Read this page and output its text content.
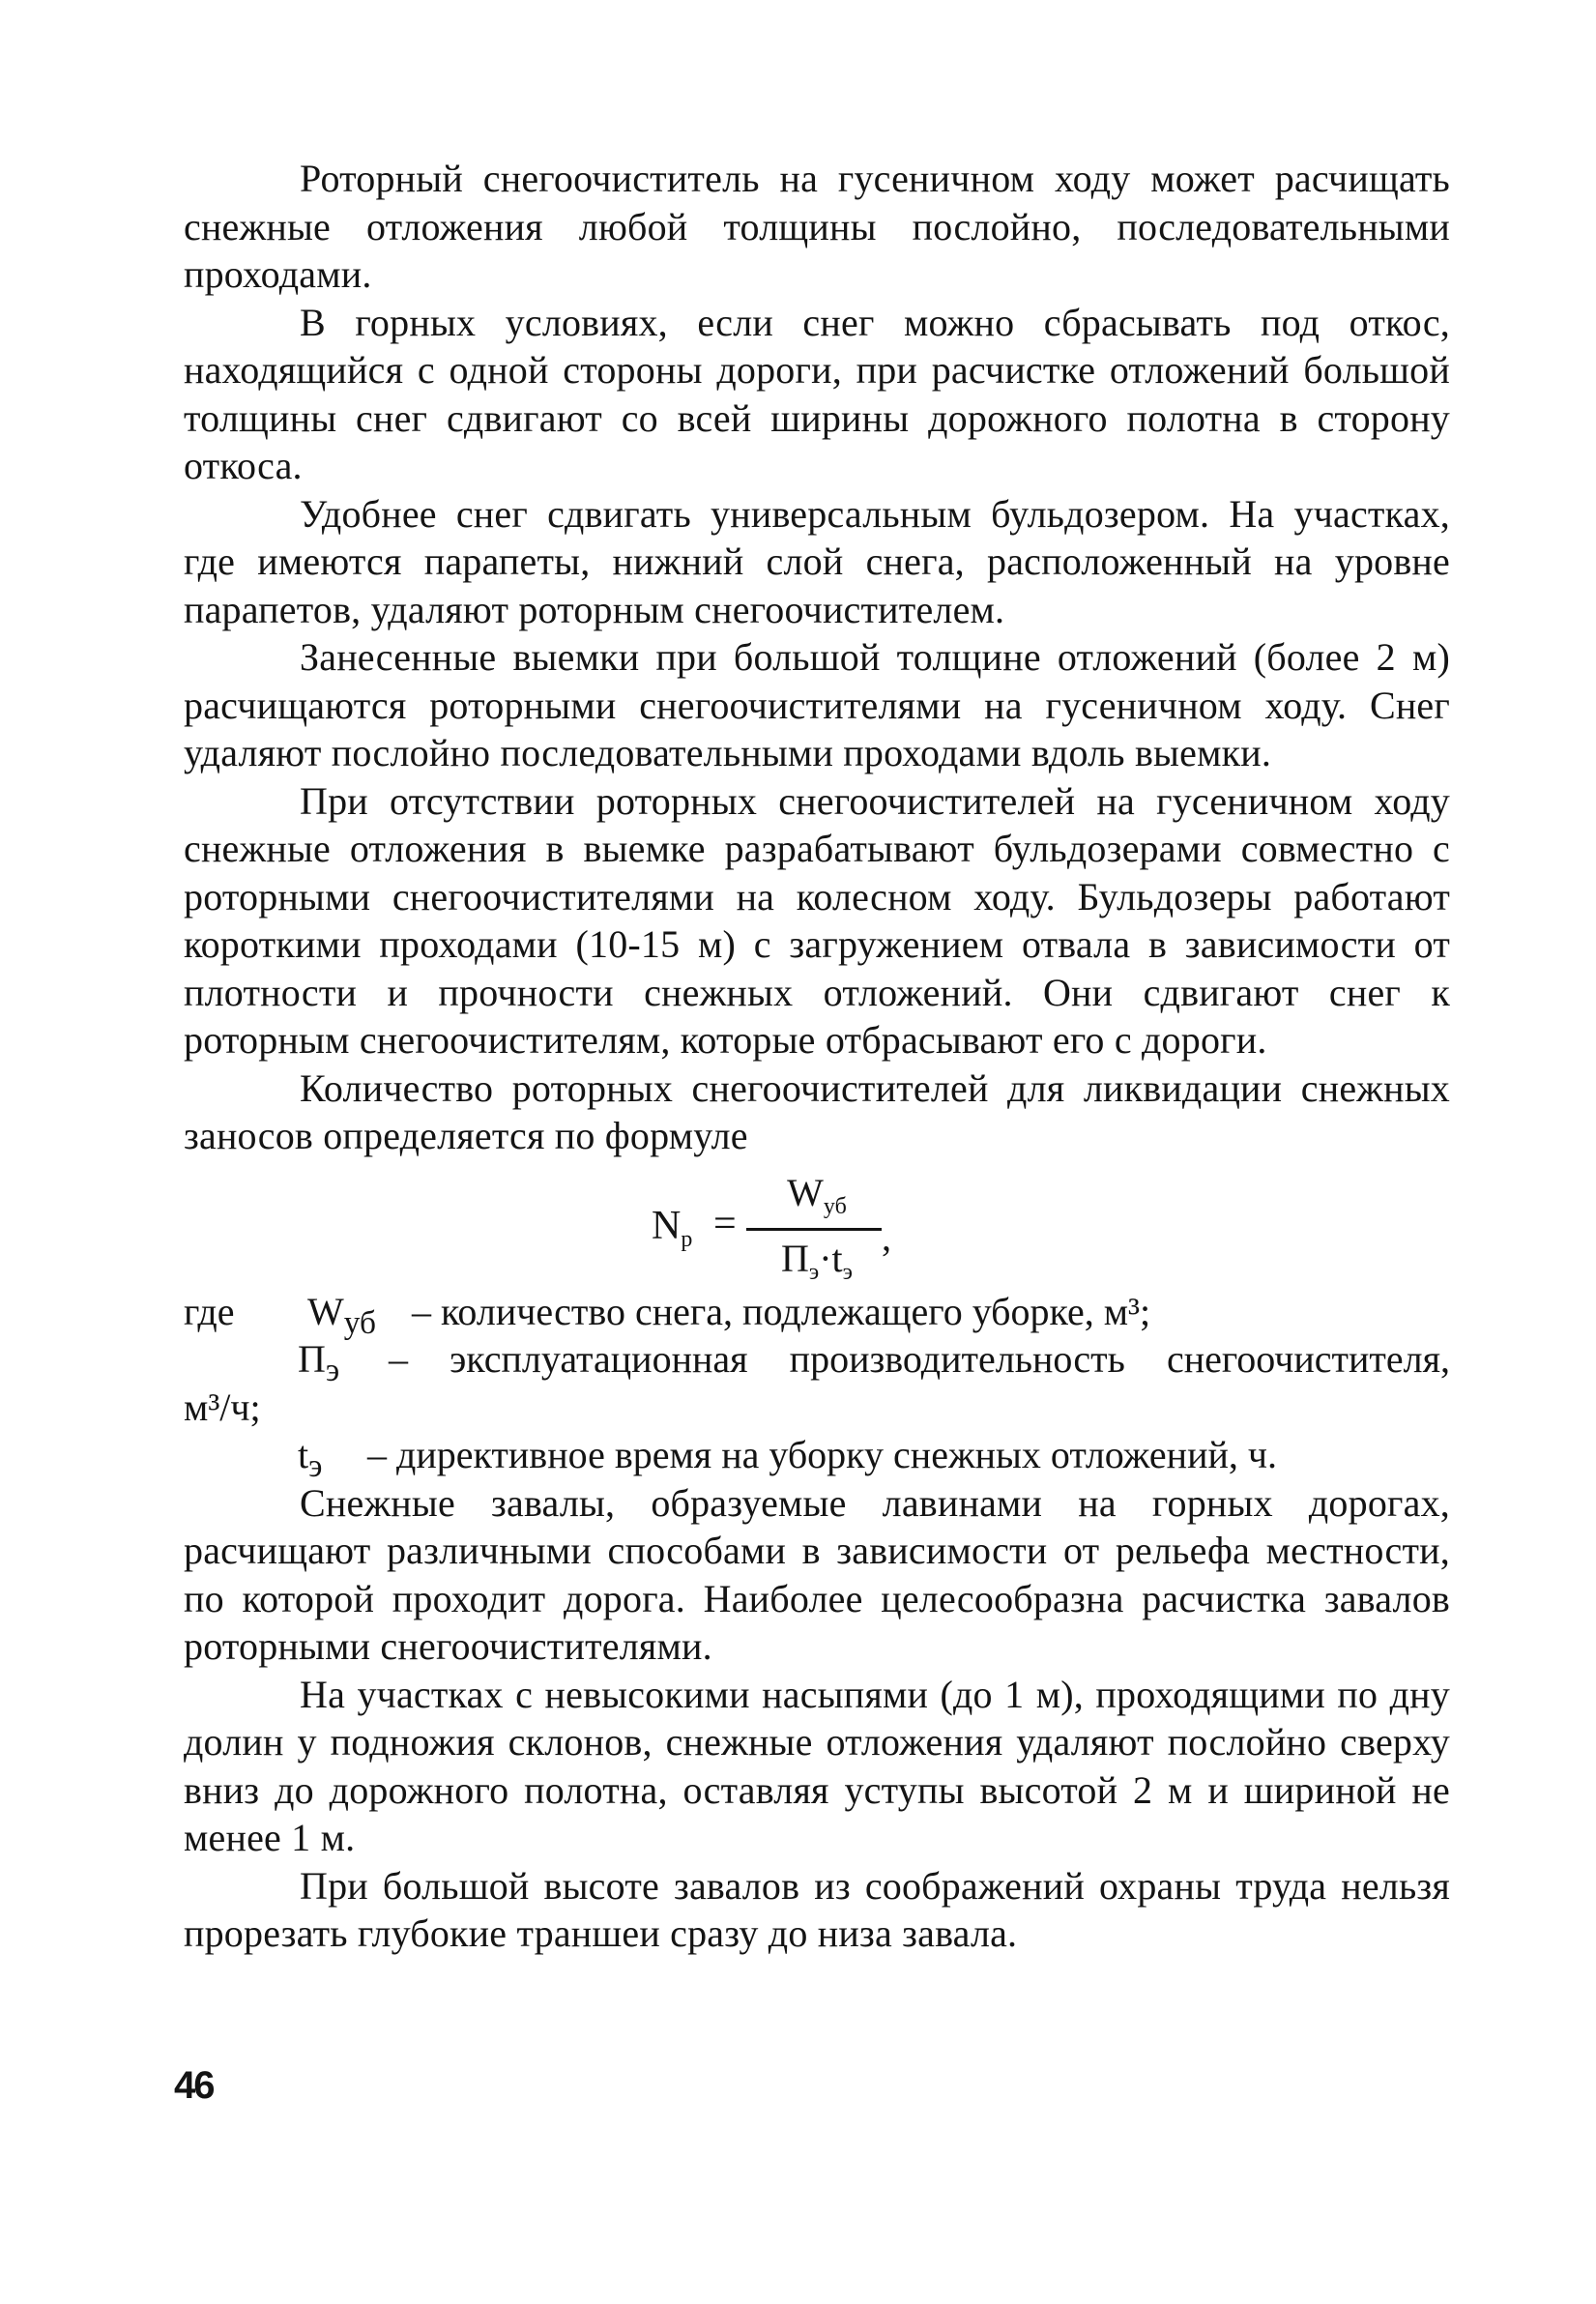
Роторный снегоочиститель на гусеничном ходу может расчищать снежные отложения любой толщины послойно, последовательными проходами.

В горных условиях, если снег можно сбрасывать под откос, находящийся с одной стороны дороги, при расчистке отложений большой толщины снег сдвигают со всей ширины дорожного полотна в сторону откоса.

Удобнее снег сдвигать универсальным бульдозером. На участках, где имеются парапеты, нижний слой снега, расположенный на уровне парапетов, удаляют роторным снегоочистителем.

Занесенные выемки при большой толщине отложений (более 2 м) расчищаются роторными снегоочистителями на гусеничном ходу. Снег удаляют послойно последовательными проходами вдоль выемки.

При отсутствии роторных снегоочистителей на гусеничном ходу снежные отложения в выемке разрабатывают бульдозерами совместно с роторными снегоочистителями на колесном ходу. Бульдозеры работают короткими проходами (10-15 м) с загружением отвала в зависимости от плотности и прочности снежных отложений. Они сдвигают снег к роторным снегоочистителям, которые отбрасывают его с дороги.

Количество роторных снегоочистителей для ликвидации снежных заносов определяется по формуле

$N_р$ =
$W_{уб}$
$П_э\cdot t_э$
,
где $W_{уб}$ – количество снега, подлежащего уборке, м³;
$П_э$ – эксплуатационная производительность снегоочистителя,
м³/ч;
$t_э$ – директивное время на уборку снежных отложений, ч.

Снежные завалы, образуемые лавинами на горных дорогах, расчищают различными способами в зависимости от рельефа местности, по которой проходит дорога. Наиболее целесообразна расчистка завалов роторными снегоочистителями.

На участках с невысокими насыпями (до 1 м), проходящими по дну долин у подножия склонов, снежные отложения удаляют послойно сверху вниз до дорожного полотна, оставляя уступы высотой 2 м и шириной не менее 1 м.

При большой высоте завалов из соображений охраны труда нельзя прорезать глубокие траншеи сразу до низа завала.

46
